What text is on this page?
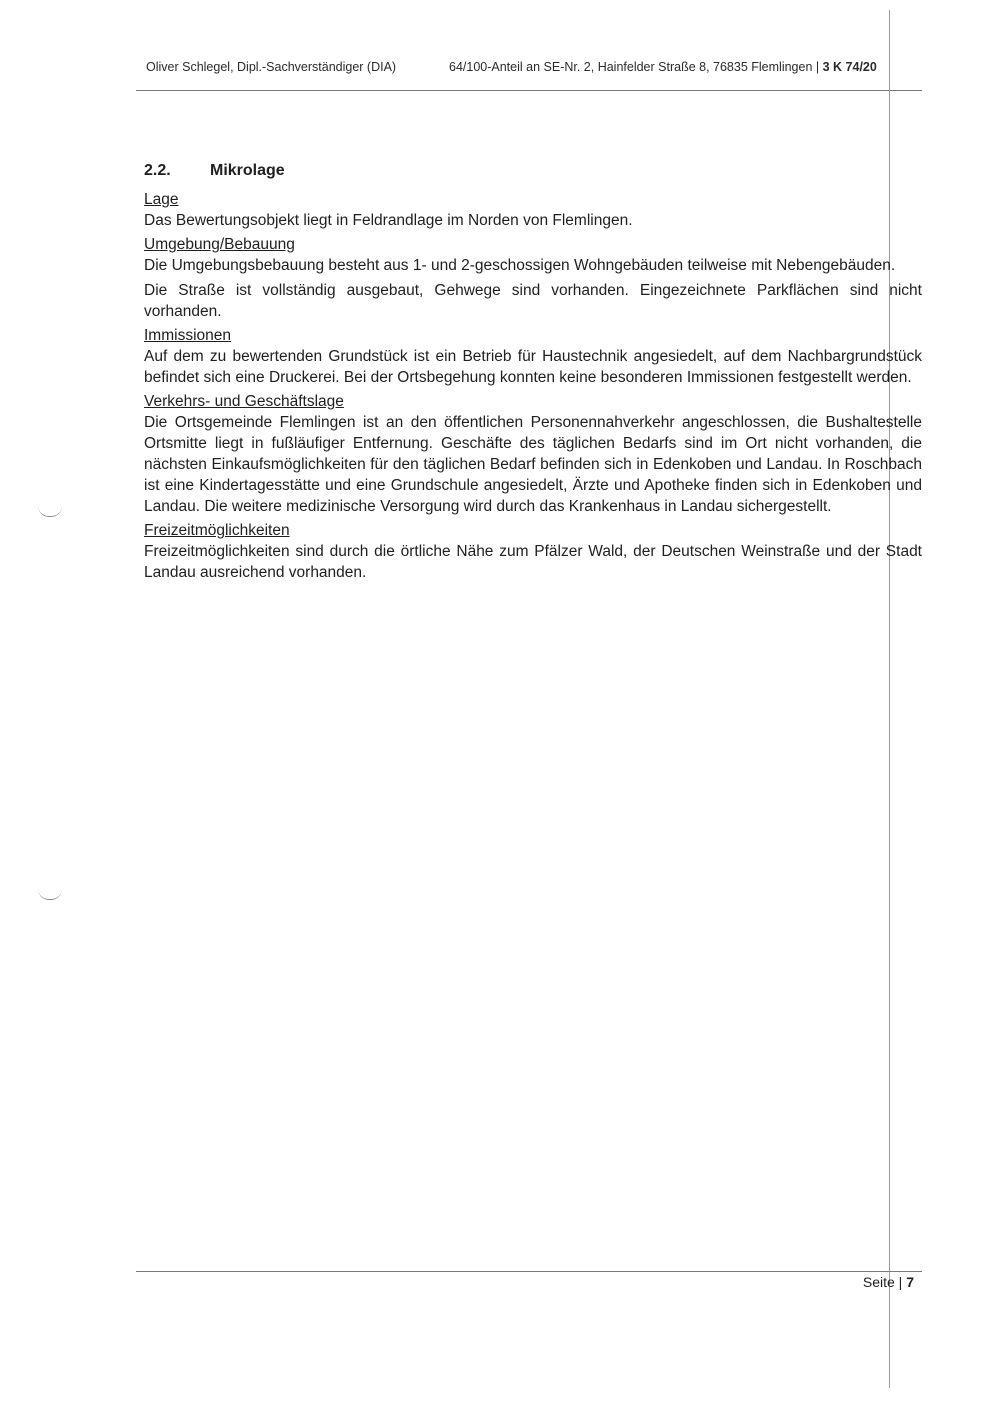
Oliver Schlegel, Dipl.-Sachverständiger (DIA)	64/100-Anteil an SE-Nr. 2, Hainfelder Straße 8, 76835 Flemlingen | 3 K 74/20
2.2. Mikrolage
Lage
Das Bewertungsobjekt liegt in Feldrandlage im Norden von Flemlingen.
Umgebung/Bebauung
Die Umgebungsbebauung besteht aus 1- und 2-geschossigen Wohngebäuden teilweise mit Nebengebäuden.
Die Straße ist vollständig ausgebaut, Gehwege sind vorhanden. Eingezeichnete Parkflächen sind nicht vorhanden.
Immissionen
Auf dem zu bewertenden Grundstück ist ein Betrieb für Haustechnik angesiedelt, auf dem Nachbargrundstück befindet sich eine Druckerei. Bei der Ortsbegehung konnten keine besonderen Immissionen festgestellt werden.
Verkehrs- und Geschäftslage
Die Ortsgemeinde Flemlingen ist an den öffentlichen Personennahverkehr angeschlossen, die Bushaltestelle Ortsmitte liegt in fußläufiger Entfernung. Geschäfte des täglichen Bedarfs sind im Ort nicht vorhanden, die nächsten Einkaufsmöglichkeiten für den täglichen Bedarf befinden sich in Edenkoben und Landau. In Roschbach ist eine Kindertagesstätte und eine Grundschule angesiedelt, Ärzte und Apotheke finden sich in Edenkoben und Landau. Die weitere medizinische Versorgung wird durch das Krankenhaus in Landau sichergestellt.
Freizeitmöglichkeiten
Freizeitmöglichkeiten sind durch die örtliche Nähe zum Pfälzer Wald, der Deutschen Weinstraße und der Stadt Landau ausreichend vorhanden.
Seite | 7
